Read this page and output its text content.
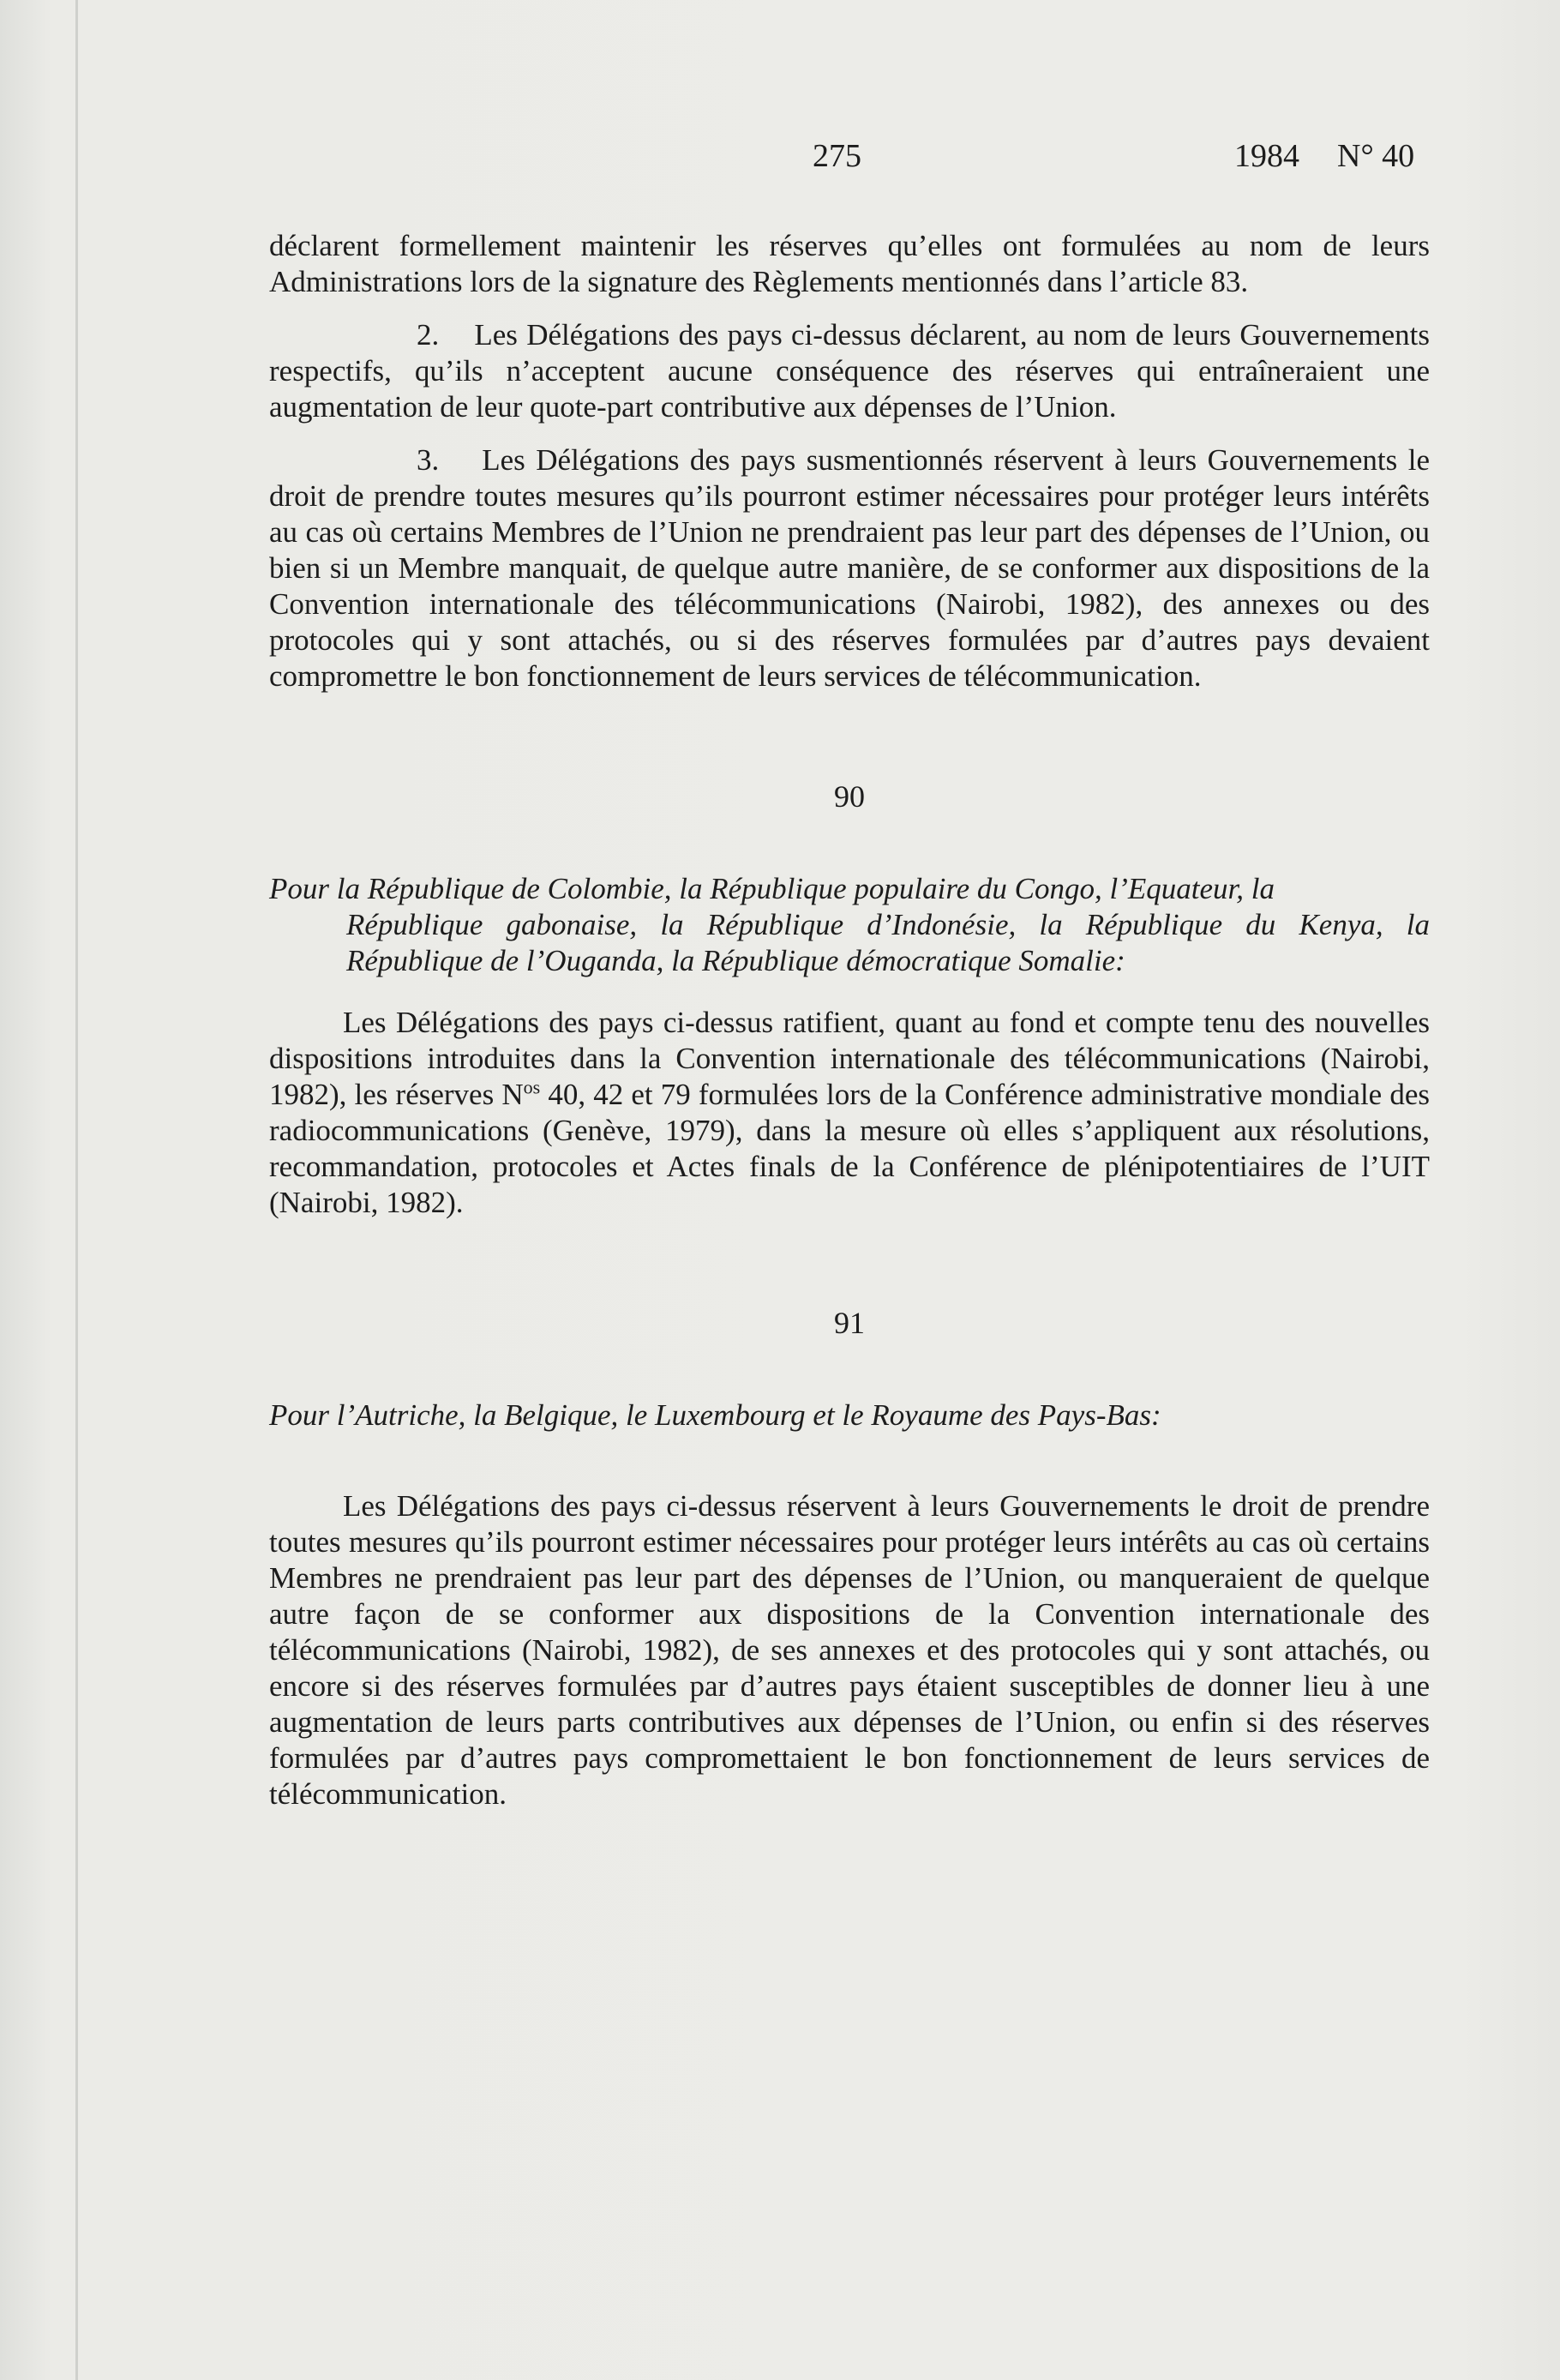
275	1984 N° 40

déclarent formellement maintenir les réserves qu’elles ont formulées au nom de leurs Administrations lors de la signature des Règlements mentionnés dans l’article 83.

2. Les Délégations des pays ci-dessus déclarent, au nom de leurs Gouvernements respectifs, qu’ils n’acceptent aucune conséquence des réserves qui entraîneraient une augmentation de leur quote-part contributive aux dépenses de l’Union.

3. Les Délégations des pays susmentionnés réservent à leurs Gouvernements le droit de prendre toutes mesures qu’ils pourront estimer nécessaires pour protéger leurs intérêts au cas où certains Membres de l’Union ne prendraient pas leur part des dépenses de l’Union, ou bien si un Membre manquait, de quelque autre manière, de se conformer aux dispositions de la Convention internationale des télécommunications (Nairobi, 1982), des annexes ou des protocoles qui y sont attachés, ou si des réserves formulées par d’autres pays devaient compromettre le bon fonctionnement de leurs services de télécommunication.

90
Pour la République de Colombie, la République populaire du Congo, l’Equateur, la
République gabonaise, la République d’Indonésie, la République du Kenya, la République de l’Ouganda, la République démocratique Somalie:

Les Délégations des pays ci-dessus ratifient, quant au fond et compte tenu des nouvelles dispositions introduites dans la Convention internationale des télécommunications (Nairobi, 1982), les réserves $N^{os}$ 40, 42 et 79 formulées lors de la Conférence administrative mondiale des radiocommunications (Genève, 1979), dans la mesure où elles s’appliquent aux résolutions, recommandation, protocoles et Actes finals de la Conférence de plénipotentiaires de l’UIT (Nairobi, 1982).

91
Pour l’Autriche, la Belgique, le Luxembourg et le Royaume des Pays-Bas:

Les Délégations des pays ci-dessus réservent à leurs Gouvernements le droit de prendre toutes mesures qu’ils pourront estimer nécessaires pour protéger leurs intérêts au cas où certains Membres ne prendraient pas leur part des dépenses de l’Union, ou manqueraient de quelque autre façon de se conformer aux dispositions de la Convention internationale des télécommunications (Nairobi, 1982), de ses annexes et des protocoles qui y sont attachés, ou encore si des réserves formulées par d’autres pays étaient susceptibles de donner lieu à une augmentation de leurs parts contributives aux dépenses de l’Union, ou enfin si des réserves formulées par d’autres pays compromettaient le bon fonctionnement de leurs services de télécommunication.
